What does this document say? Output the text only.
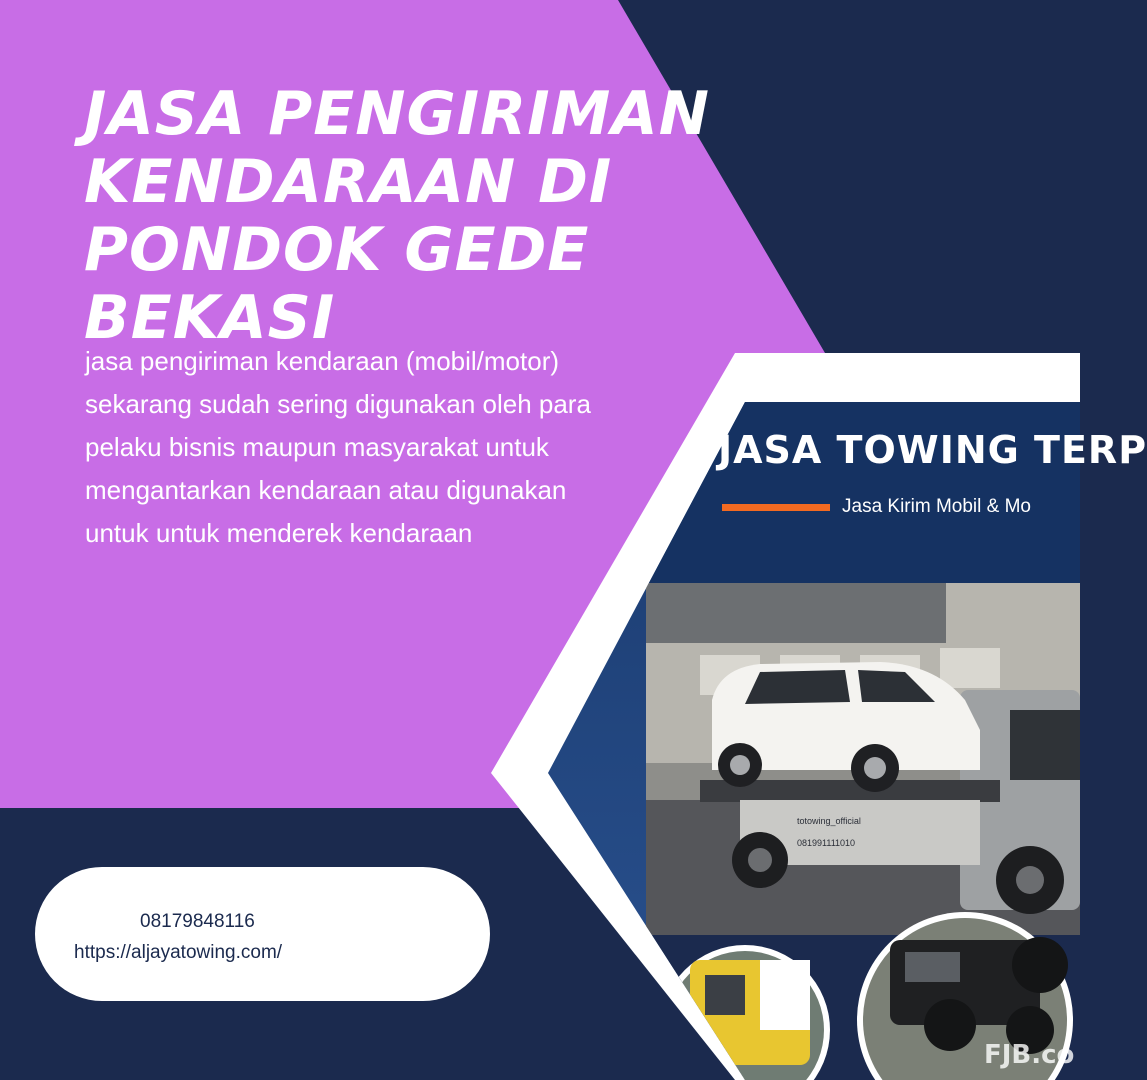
JASA PENGIRIMAN KENDARAAN DI PONDOK GEDE BEKASI

jasa pengiriman kendaraan (mobil/motor) sekarang sudah sering digunakan oleh para pelaku bisnis maupun masyarakat untuk mengantarkan kendaraan atau digunakan untuk untuk menderek kendaraan

08179848116
https://aljayatowing.com/
JASA TOWING TERP
Jasa Kirim Mobil & Mo
totowing_official
081991111010
FJB.co
